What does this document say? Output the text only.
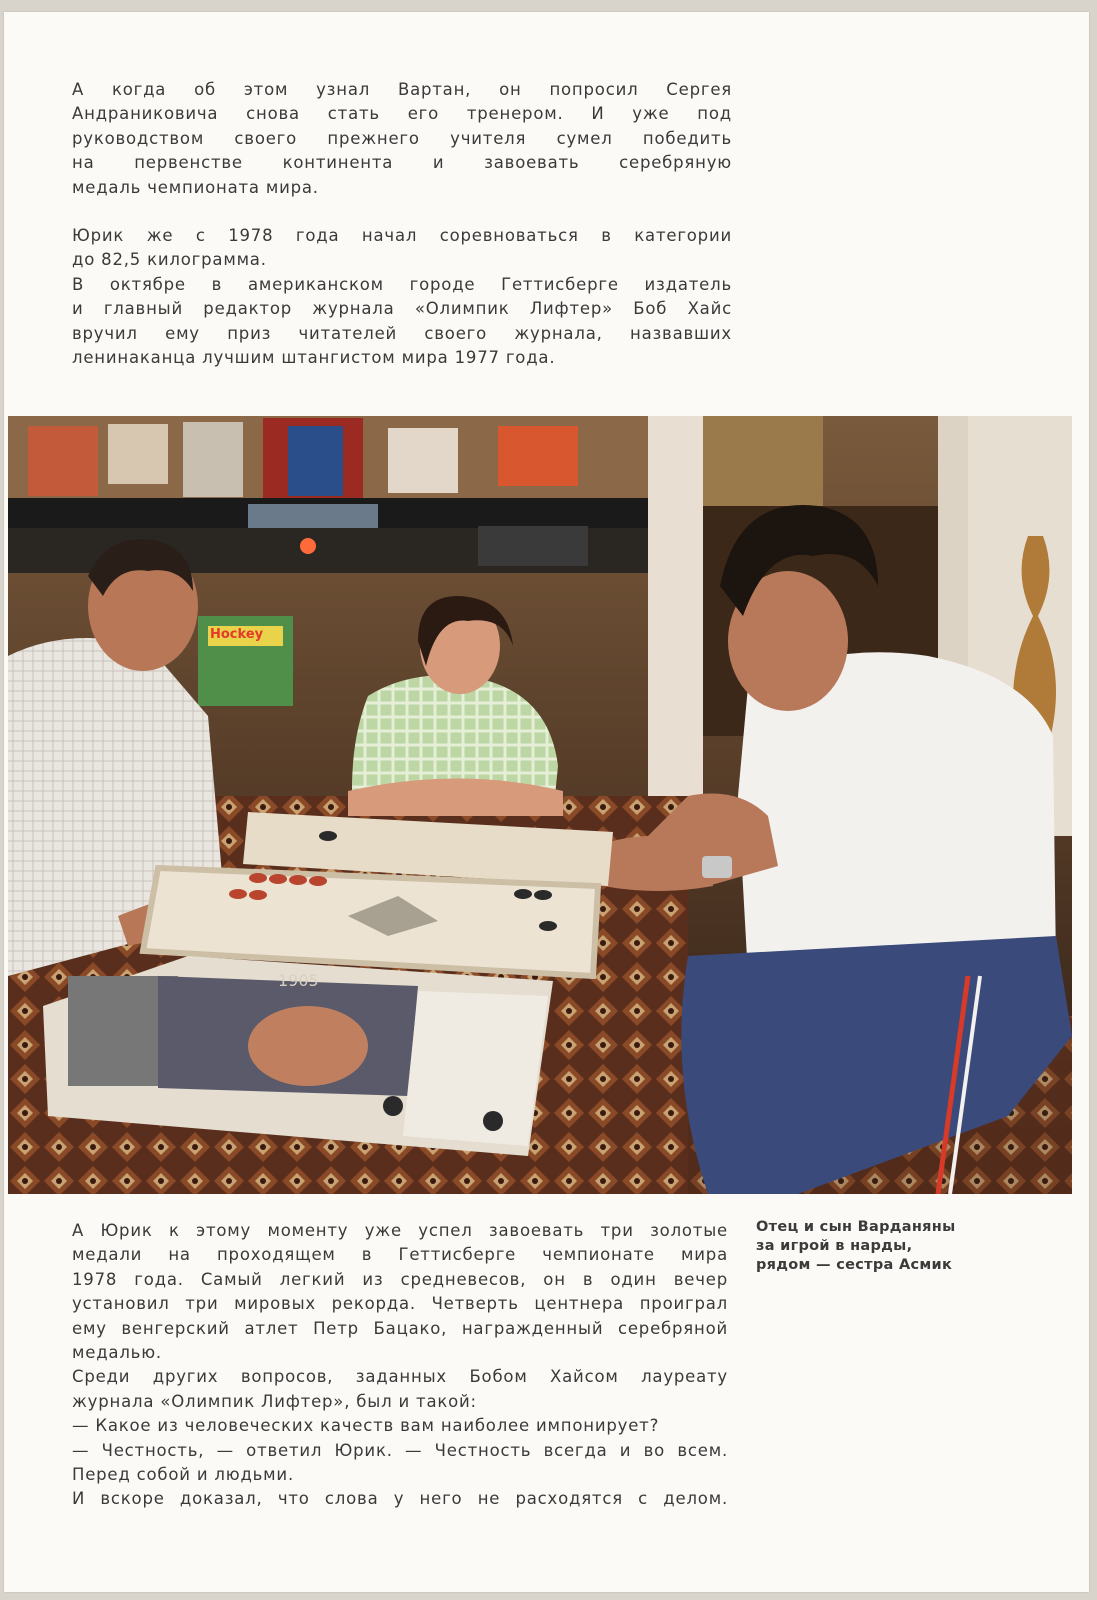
А когда об этом узнал Вартан, он попросил Сергея

Андраниковича снова стать его тренером. И уже под

руководством своего прежнего учителя сумел победить

на первенстве континента и завоевать серебряную

медаль чемпионата мира.

Юрик же с 1978 года начал соревноваться в категории

до 82,5 килограмма.

В октябре в американском городе Геттисберге издатель

и главный редактор журнала «Олимпик Лифтер» Боб Хайс

вручил ему приз читателей своего журнала, назвавших

ленинаканца лучшим штангистом мира 1977 года.

1905
Hockey

А Юрик к этому моменту уже успел завоевать три золотые

медали на проходящем в Геттисберге чемпионате мира

1978 года. Самый легкий из средневесов, он в один вечер

установил три мировых рекорда. Четверть центнера проиграл

ему венгерский атлет Петр Бацако, награжденный серебряной

медалью.

Среди других вопросов, заданных Бобом Хайсом лауреату

журнала «Олимпик Лифтер», был и такой:

— Какое из человеческих качеств вам наиболее импонирует?

— Честность, — ответил Юрик. — Честность всегда и во всем.

Перед собой и людьми.

И вскоре доказал, что слова у него не расходятся с делом.

Отец и сын Варданяны

за игрой в нарды,

рядом — сестра Асмик
